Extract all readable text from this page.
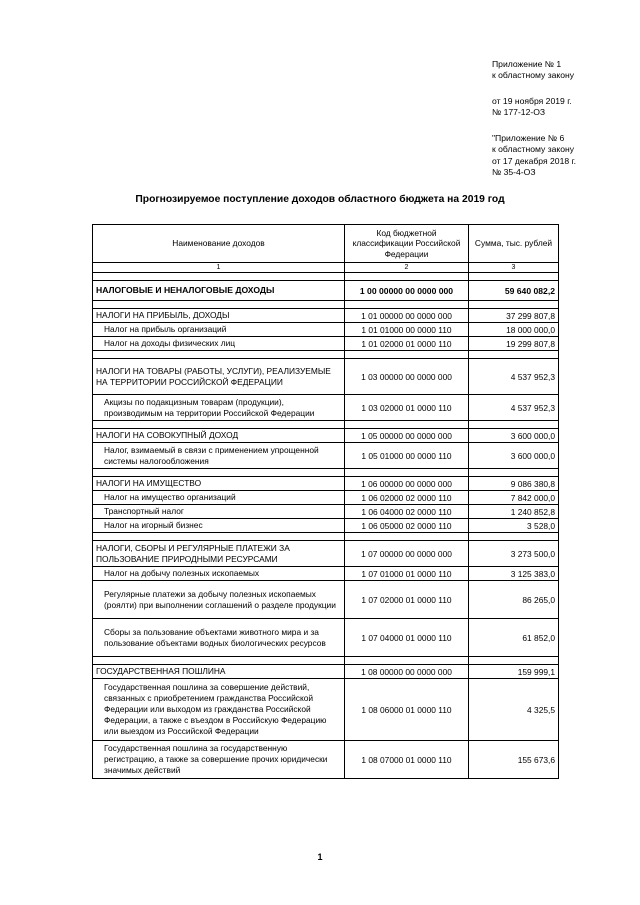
Приложение № 1
к областному закону
от 19 ноября 2019 г.
№ 177-12-ОЗ
"Приложение № 6
к областному закону
от 17 декабря 2018 г.
№ 35-4-ОЗ
Прогнозируемое поступление доходов областного бюджета на 2019 год
Наименование доходов	Код бюджетной классификации Российской Федерации	Сумма, тыс. рублей
1	2	3

НАЛОГОВЫЕ И НЕНАЛОГОВЫЕ ДОХОДЫ	1 00 00000 00 0000 000	59 640 082,2

НАЛОГИ НА ПРИБЫЛЬ, ДОХОДЫ	1 01 00000 00 0000 000	37 299 807,8
Налог на прибыль организаций	1 01 01000 00 0000 110	18 000 000,0
Налог на доходы физических лиц	1 01 02000 01 0000 110	19 299 807,8

НАЛОГИ НА ТОВАРЫ (РАБОТЫ, УСЛУГИ), РЕАЛИЗУЕМЫЕ НА ТЕРРИТОРИИ РОССИЙСКОЙ ФЕДЕРАЦИИ	1 03 00000 00 0000 000	4 537 952,3
Акцизы по подакцизным товарам (продукции), производимым на территории Российской Федерации	1 03 02000 01 0000 110	4 537 952,3

НАЛОГИ НА СОВОКУПНЫЙ ДОХОД	1 05 00000 00 0000 000	3 600 000,0
Налог, взимаемый в связи с применением упрощенной системы налогообложения	1 05 01000 00 0000 110	3 600 000,0

НАЛОГИ НА ИМУЩЕСТВО	1 06 00000 00 0000 000	9 086 380,8
Налог на имущество организаций	1 06 02000 02 0000 110	7 842 000,0
Транспортный налог	1 06 04000 02 0000 110	1 240 852,8
Налог на игорный бизнес	1 06 05000 02 0000 110	3 528,0

НАЛОГИ, СБОРЫ И РЕГУЛЯРНЫЕ ПЛАТЕЖИ ЗА ПОЛЬЗОВАНИЕ ПРИРОДНЫМИ РЕСУРСАМИ	1 07 00000 00 0000 000	3 273 500,0
Налог на добычу полезных ископаемых	1 07 01000 01 0000 110	3 125 383,0
Регулярные платежи за добычу полезных ископаемых (роялти) при выполнении соглашений о разделе продукции	1 07 02000 01 0000 110	86 265,0
Сборы за пользование объектами животного мира и за пользование объектами водных биологических ресурсов	1 07 04000 01 0000 110	61 852,0

ГОСУДАРСТВЕННАЯ ПОШЛИНА	1 08 00000 00 0000 000	159 999,1
Государственная пошлина за совершение действий, связанных с приобретением гражданства Российской Федерации или выходом из гражданства Российской Федерации, а также с въездом в Российскую Федерацию или выездом из Российской Федерации	1 08 06000 01 0000 110	4 325,5
Государственная пошлина за государственную регистрацию, а также за совершение прочих юридически значимых действий	1 08 07000 01 0000 110	155 673,6
1
